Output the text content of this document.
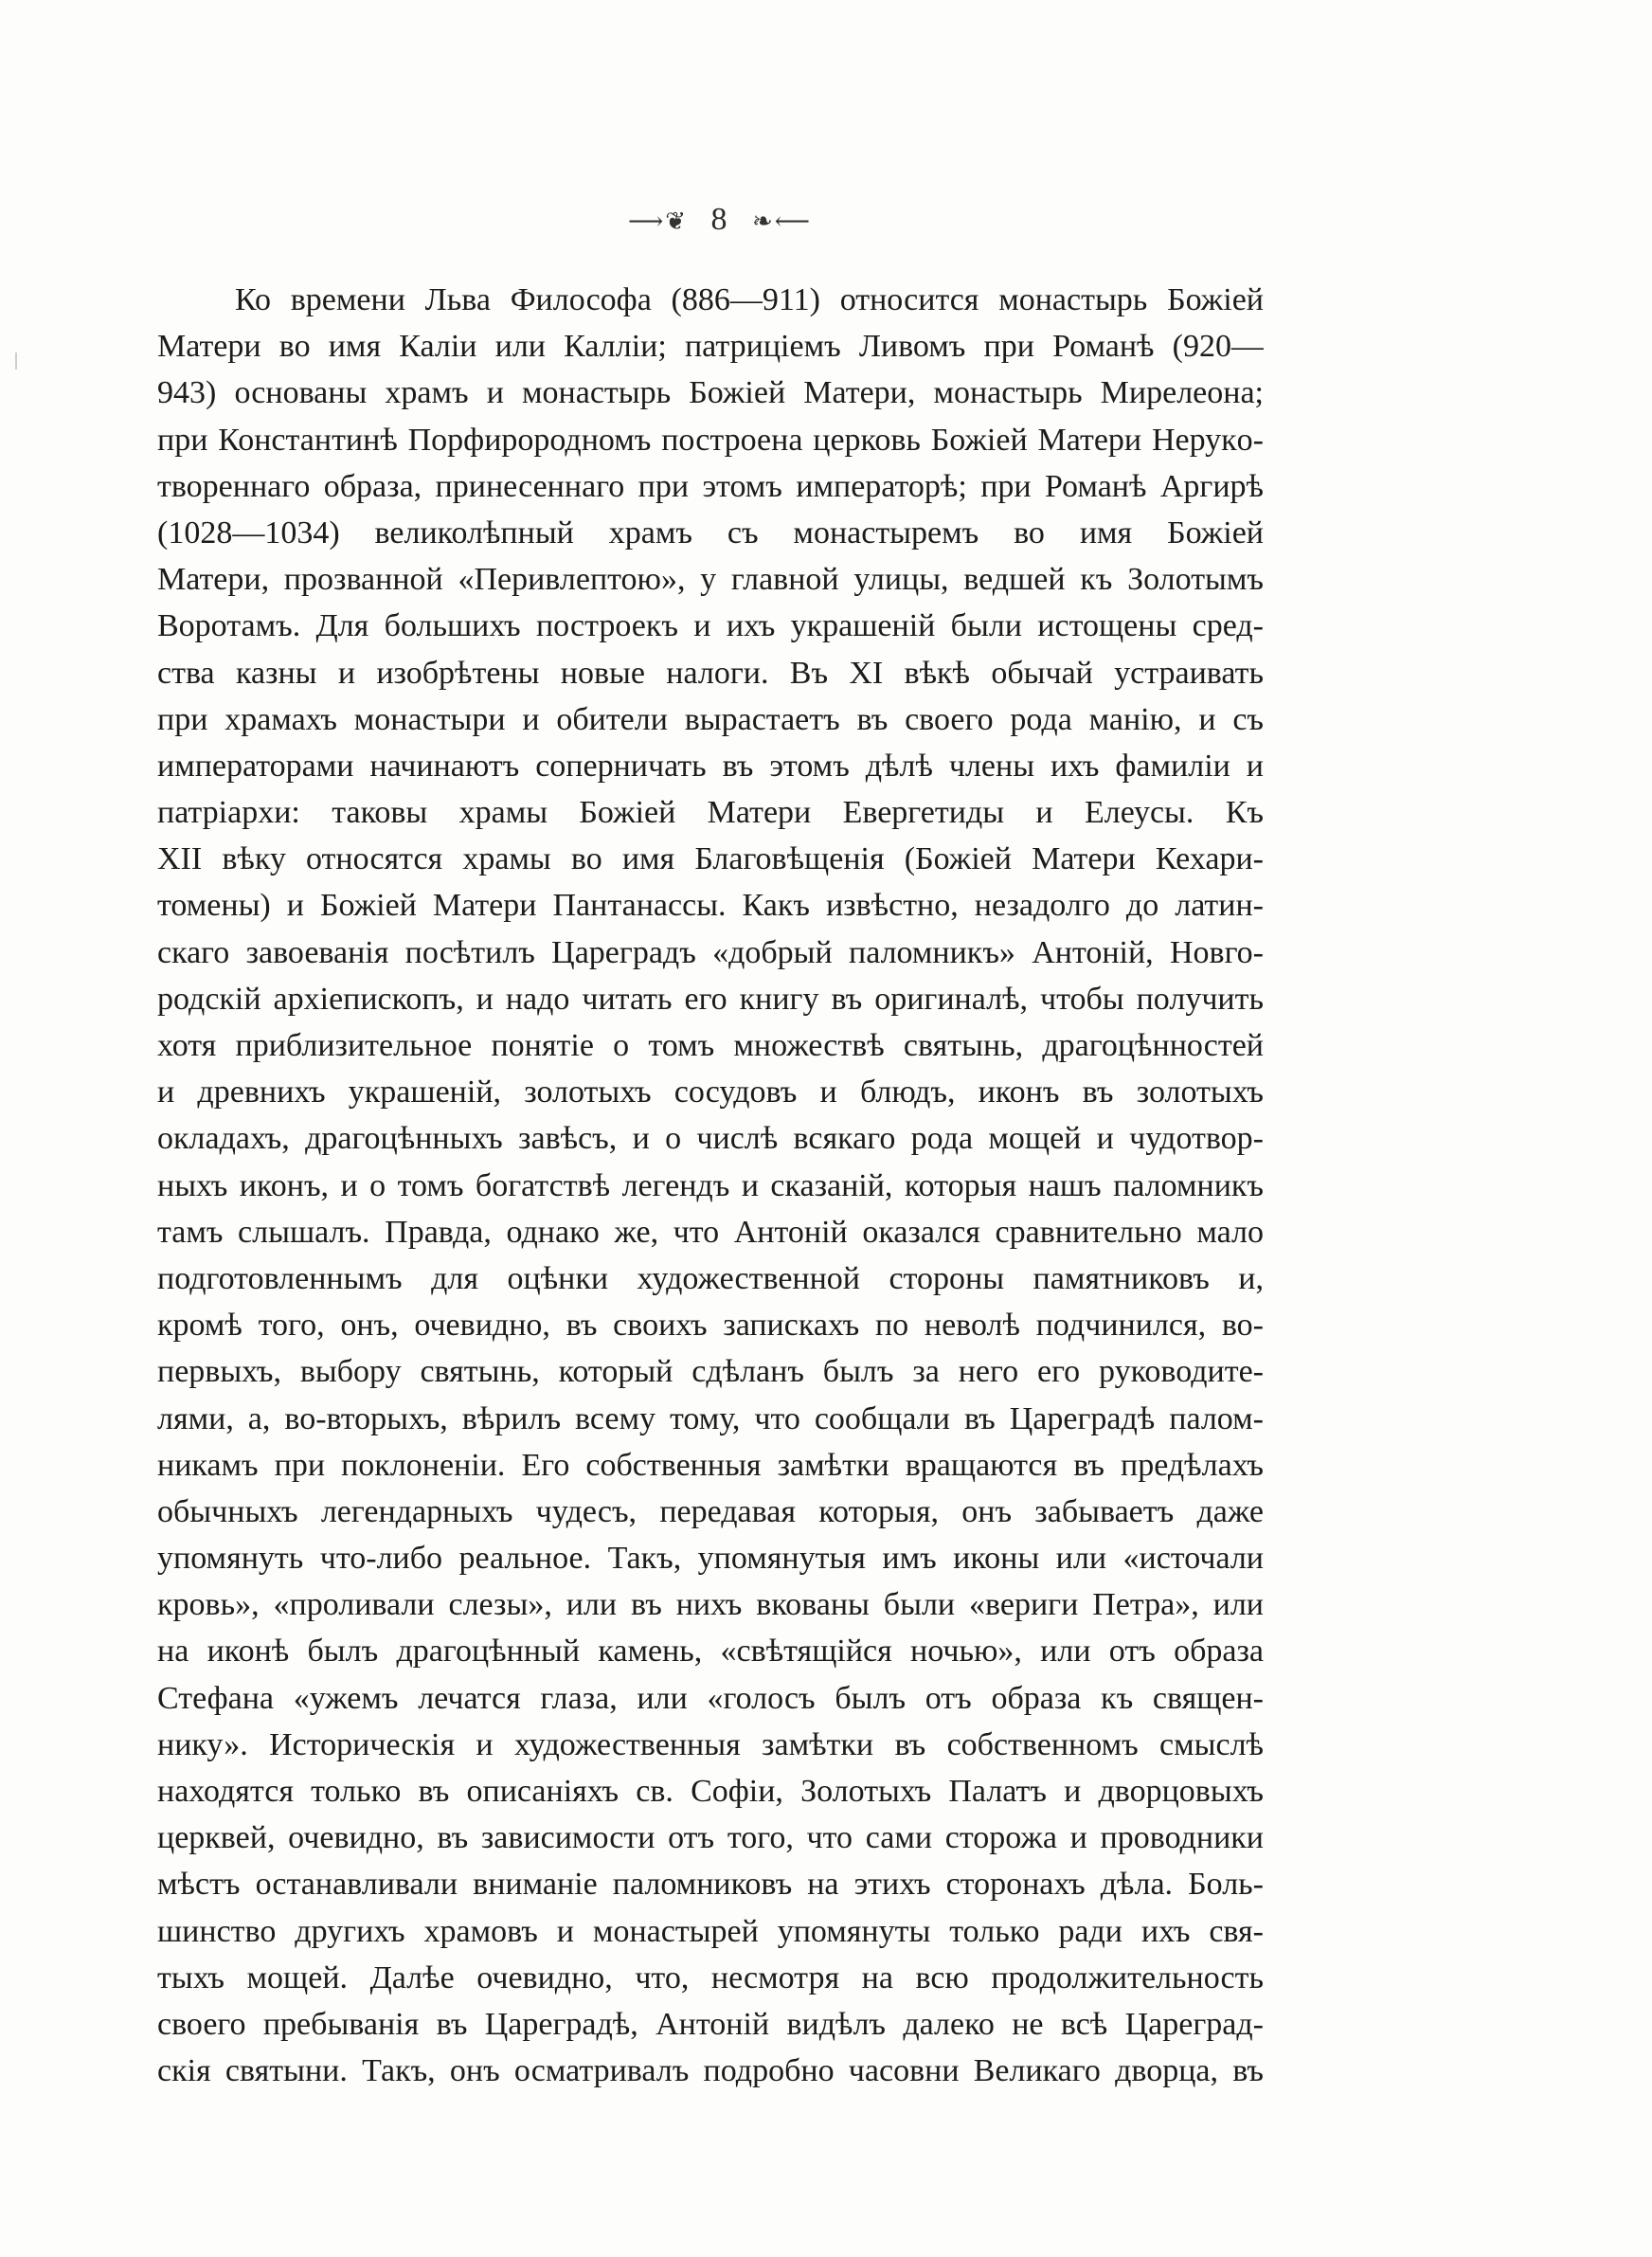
⟶❦ 8 ❧⟵
Ко времени Льва Философа (886—911) относится монастырь Божіей
Матери во имя Каліи или Калліи; патриціемъ Ливомъ при Романѣ (920—
943) основаны храмъ и монастырь Божіей Матери, монастырь Мирелеона;
при Константинѣ Порфирородномъ построена церковь Божіей Матери Нерукo-
твореннаго образа, принесеннаго при этомъ императорѣ; при Романѣ Аргирѣ
(1028—1034) великолѣпный храмъ съ монастыремъ во имя Божіей
Матери, прозванной «Перивлептою», у главной улицы, ведшей къ Золотымъ
Воротамъ. Для большихъ построекъ и ихъ украшеній были истощены сред-
ства казны и изобрѣтены новые налоги. Въ XI вѣкѣ обычай устраивать
при храмахъ монастыри и обители вырастаетъ въ своего рода манію, и съ
императорами начинаютъ соперничать въ этомъ дѣлѣ члены ихъ фамиліи и
патріархи: таковы храмы Божіей Матери Евергетиды и Елеусы. Къ
XII вѣку относятся храмы во имя Благовѣщенія (Божіей Матери Кехари-
томены) и Божіей Матери Пантанассы. Какъ извѣстно, незадолго до латин-
скаго завоеванія посѣтилъ Цареградъ «добрый паломникъ» Антоній, Новго-
родскій архіепископъ, и надо читать его книгу въ оригиналѣ, чтобы получить
хотя приблизительное понятіе о томъ множествѣ святынь, драгоцѣнностей
и древнихъ украшеній, золотыхъ сосудовъ и блюдъ, иконъ въ золотыхъ
окладахъ, драгоцѣнныхъ завѣсъ, и о числѣ всякаго рода мощей и чудотвор-
ныхъ иконъ, и о томъ богатствѣ легендъ и сказаній, которыя нашъ паломникъ
тамъ слышалъ. Правда, однако же, что Антоній оказался сравнительно мало
подготовленнымъ для оцѣнки художественной стороны памятниковъ и,
кромѣ того, онъ, очевидно, въ своихъ запискахъ по неволѣ подчинился, во-
первыхъ, выбору святынь, который сдѣланъ былъ за него его руководите-
лями, а, во-вторыхъ, вѣрилъ всему тому, что сообщали въ Цареградѣ палом-
никамъ при поклоненіи. Его собственныя замѣтки вращаются въ предѣлахъ
обычныхъ легендарныхъ чудесъ, передавая которыя, онъ забываетъ даже
упомянуть что-либо реальное. Такъ, упомянутыя имъ иконы или «источали
кровь», «проливали слезы», или въ нихъ вкованы были «вериги Петра», или
на иконѣ былъ драгоцѣнный камень, «свѣтящійся ночью», или отъ образа
Стефана «ужемъ лечатся глаза, или «голосъ былъ отъ образа къ священ-
нику». Историческія и художественныя замѣтки въ собственномъ смыслѣ
находятся только въ описаніяхъ св. Софіи, Золотыхъ Палатъ и дворцовыхъ
церквей, очевидно, въ зависимости отъ того, что сами сторожа и проводники
мѣстъ останавливали вниманіе паломниковъ на этихъ сторонахъ дѣла. Боль-
шинство другихъ храмовъ и монастырей упомянуты только ради ихъ свя-
тыхъ мощей. Далѣе очевидно, что, несмотря на всю продолжительность
своего пребыванія въ Цареградѣ, Антоній видѣлъ далеко не всѣ Царегpад-
скія святыни. Такъ, онъ осматривалъ подробно часовни Великаго дворца, въ
